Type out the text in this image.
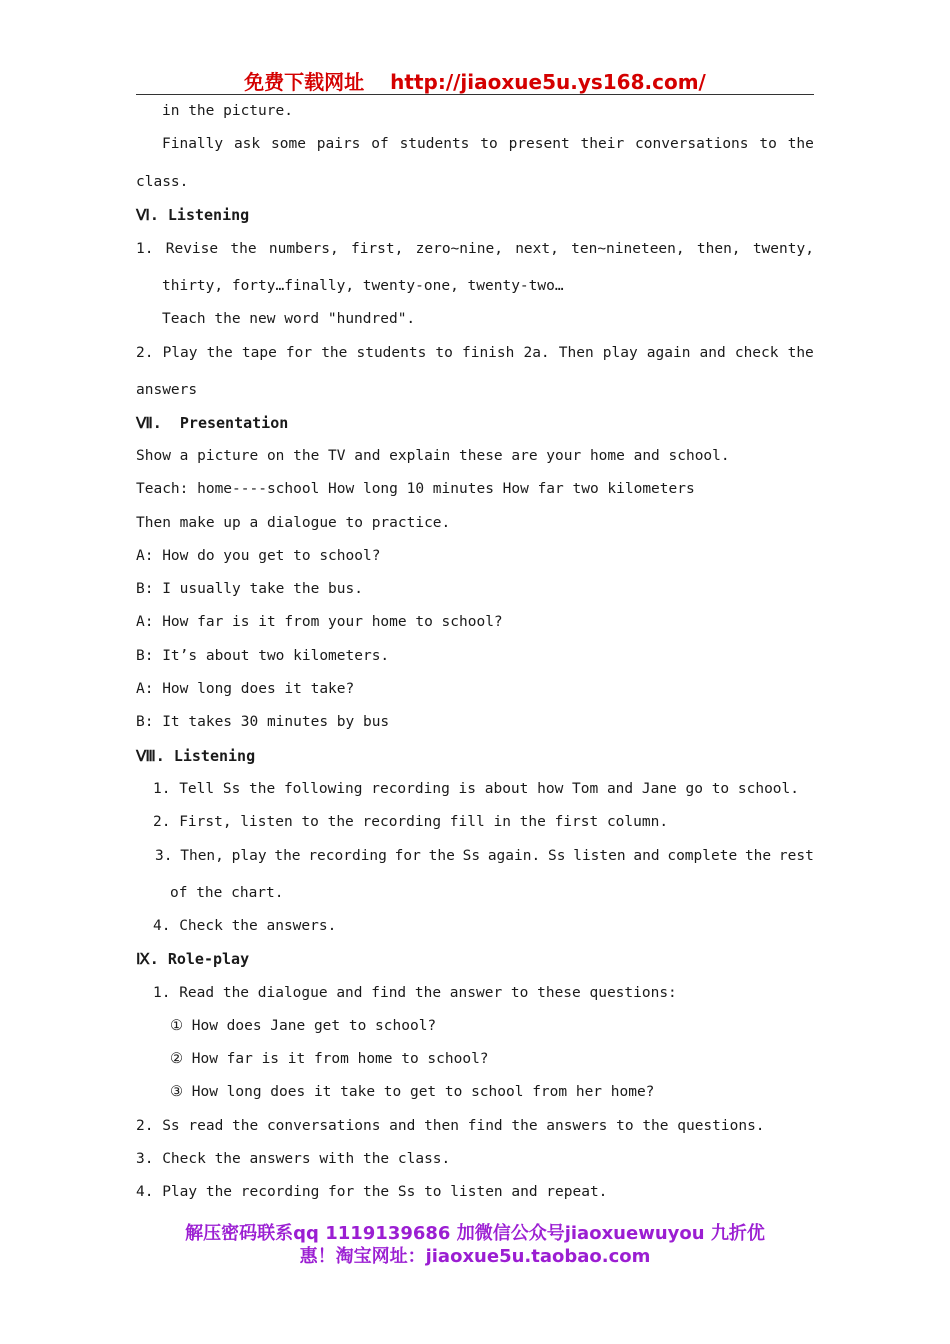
免费下载网址 http://jiaoxue5u.ys168.com/
in the picture.
Finally ask some pairs of students to present their conversations to the
class.
Ⅵ. Listening
1. Revise the numbers, first, zero~nine, next, ten~nineteen, then, twenty,
thirty, forty…finally, twenty-one, twenty-two…
Teach the new word "hundred".
2. Play the tape for the students to finish 2a. Then play again and check the
answers
Ⅶ. Presentation
Show a picture on the TV and explain these are your home and school.
Teach: home----school How long 10 minutes How far two kilometers
Then make up a dialogue to practice.
A: How do you get to school?
B: I usually take the bus.
A: How far is it from your home to school?
B: It’s about two kilometers.
A: How long does it take?
B: It takes 30 minutes by bus
Ⅷ. Listening
1. Tell Ss the following recording is about how Tom and Jane go to school.
2. First, listen to the recording fill in the first column.
3. Then, play the recording for the Ss again. Ss listen and complete the rest
of the chart.
4. Check the answers.
Ⅸ. Role-play
1. Read the dialogue and find the answer to these questions:
① How does Jane get to school?
② How far is it from home to school?
③ How long does it take to get to school from her home?
2. Ss read the conversations and then find the answers to the questions.
3. Check the answers with the class.
4. Play the recording for the Ss to listen and repeat.
解压密码联系qq 1119139686 加微信公众号jiaoxuewuyou 九折优
惠！淘宝网址：jiaoxue5u.taobao.com
